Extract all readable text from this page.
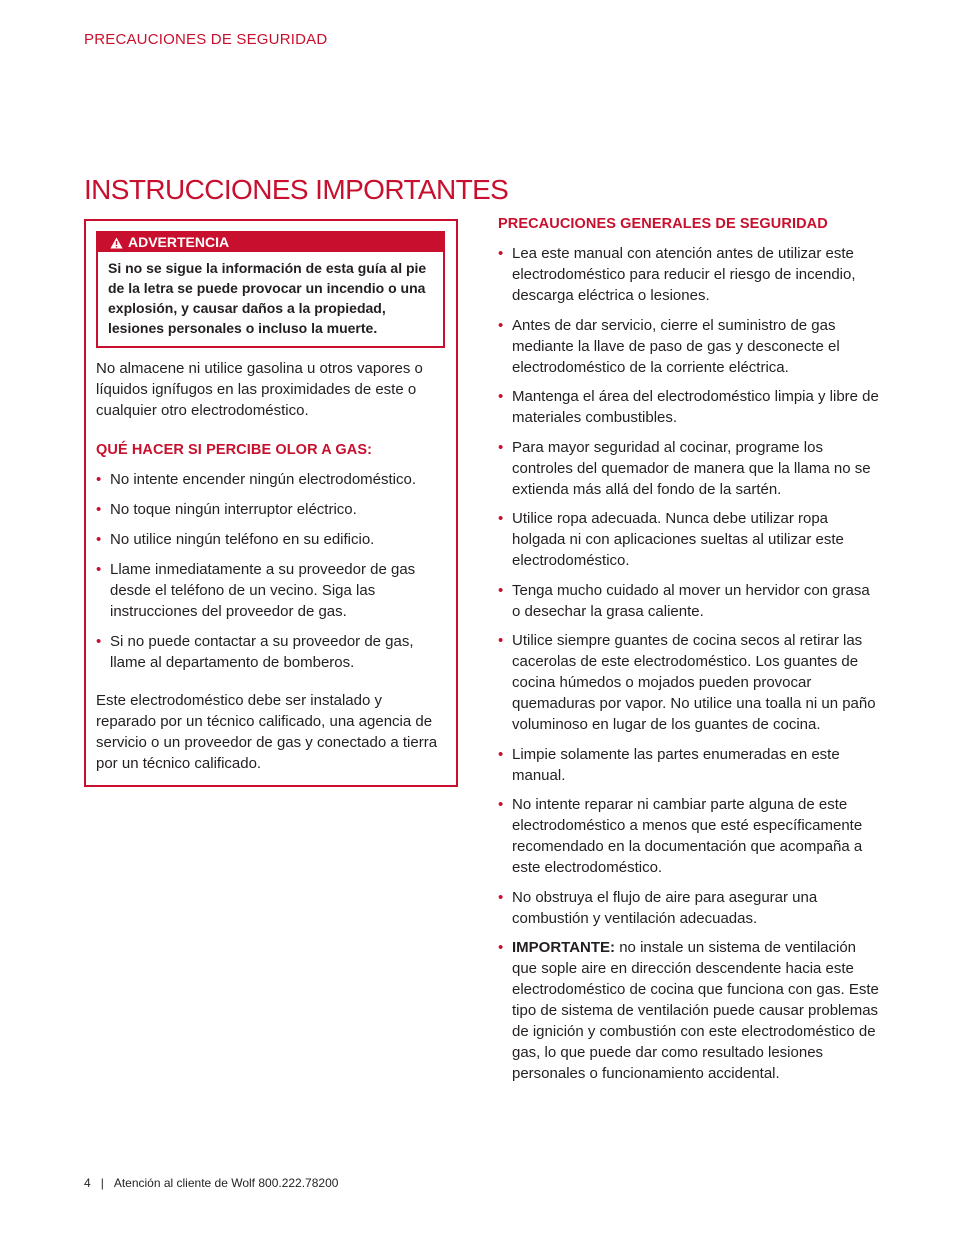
PRECAUCIONES DE SEGURIDAD
INSTRUCCIONES IMPORTANTES
ADVERTENCIA
Si no se sigue la información de esta guía al pie de la letra se puede provocar un incendio o una explosión, y causar daños a la propiedad, lesiones personales o incluso la muerte.

No almacene ni utilice gasolina u otros vapores o líquidos ignífugos en las proximidades de este o cualquier otro electrodoméstico.

QUÉ HACER SI PERCIBE OLOR A GAS:
• No intente encender ningún electrodoméstico.
• No toque ningún interruptor eléctrico.
• No utilice ningún teléfono en su edificio.
• Llame inmediatamente a su proveedor de gas desde el teléfono de un vecino. Siga las instrucciones del proveedor de gas.
• Si no puede contactar a su proveedor de gas, llame al departamento de bomberos.

Este electrodoméstico debe ser instalado y reparado por un técnico calificado, una agencia de servicio o un proveedor de gas y conectado a tierra por un técnico calificado.

PRECAUCIONES GENERALES DE SEGURIDAD
• Lea este manual con atención antes de utilizar este electrodoméstico para reducir el riesgo de incendio, descarga eléctrica o lesiones.
• Antes de dar servicio, cierre el suministro de gas mediante la llave de paso de gas y desconecte el electrodoméstico de la corriente eléctrica.
• Mantenga el área del electrodoméstico limpia y libre de materiales combustibles.
• Para mayor seguridad al cocinar, programe los controles del quemador de manera que la llama no se extienda más allá del fondo de la sartén.
• Utilice ropa adecuada. Nunca debe utilizar ropa holgada ni con aplicaciones sueltas al utilizar este electrodoméstico.
• Tenga mucho cuidado al mover un hervidor con grasa o desechar la grasa caliente.
• Utilice siempre guantes de cocina secos al retirar las cacerolas de este electrodoméstico. Los guantes de cocina húmedos o mojados pueden provocar quemaduras por vapor. No utilice una toalla ni un paño voluminoso en lugar de los guantes de cocina.
• Limpie solamente las partes enumeradas en este manual.
• No intente reparar ni cambiar parte alguna de este electrodoméstico a menos que esté específicamente recomendado en la documentación que acompaña a este electrodoméstico.
• No obstruya el flujo de aire para asegurar una combustión y ventilación adecuadas.
• IMPORTANTE: no instale un sistema de ventilación que sople aire en dirección descendente hacia este electrodoméstico de cocina que funciona con gas. Este tipo de sistema de ventilación puede causar problemas de ignición y combustión con este electrodoméstico de gas, lo que puede dar como resultado lesiones personales o funcionamiento accidental.
4 | Atención al cliente de Wolf 800.222.78200
